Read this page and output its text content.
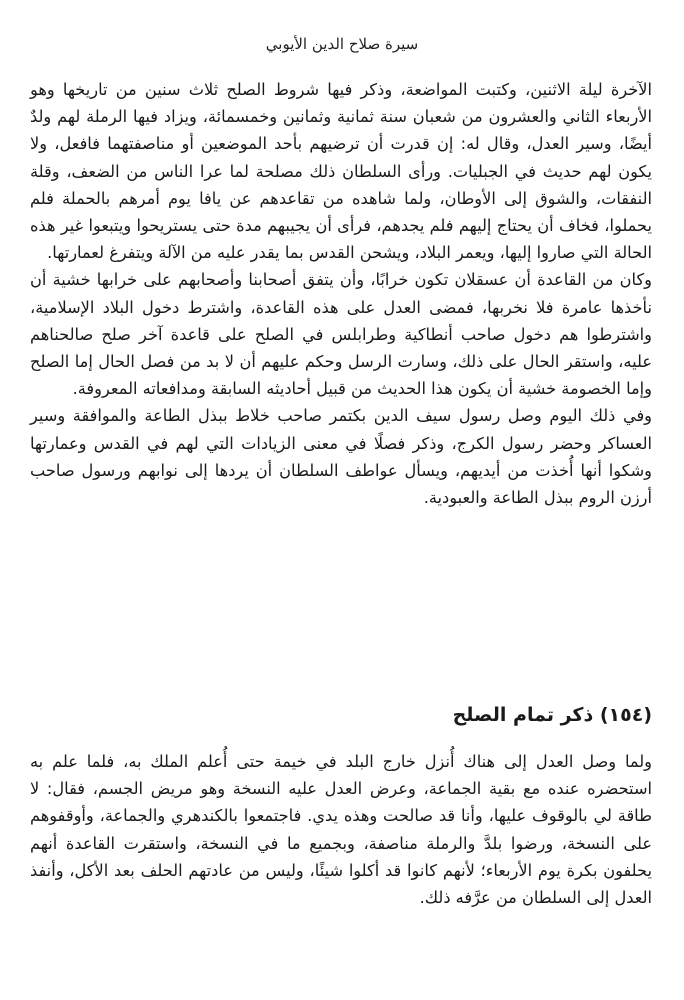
سيرة صلاح الدين الأيوبي

الآخرة ليلة الاثنين، وكتبت المواضعة، وذكر فيها شروط الصلح ثلاث سنين من تاريخها وهو الأربعاء الثاني والعشرون من شعبان سنة ثمانية وثمانين وخمسمائة، ويزاد فيها الرملة لهم ولدٌ أيضًا، وسير العدل، وقال له: إن قدرت أن ترضيهم بأحد الموضعين أو مناصفتهما فافعل، ولا يكون لهم حديث في الجبليات. ورأى السلطان ذلك مصلحة لما عرا الناس من الضعف، وقلة النفقات، والشوق إلى الأوطان، ولما شاهده من تقاعدهم عن يافا يوم أمرهم بالحملة فلم يحملوا، فخاف أن يحتاج إليهم فلم يجدهم، فرأى أن يجيبهم مدة حتى يستريحوا ويتبعوا غير هذه الحالة التي صاروا إليها، ويعمر البلاد، ويشحن القدس بما يقدر عليه من الآلة ويتفرغ لعمارتها.

وكان من القاعدة أن عسقلان تكون خرابًا، وأن يتفق أصحابنا وأصحابهم على خرابها خشية أن نأخذها عامرة فلا نخربها، فمضى العدل على هذه القاعدة، واشترط دخول البلاد الإسلامية، واشترطوا هم دخول صاحب أنطاكية وطرابلس في الصلح على قاعدة آخر صلح صالحناهم عليه، واستقر الحال على ذلك، وسارت الرسل وحكم عليهم أن لا بد من فصل الحال إما الصلح وإما الخصومة خشية أن يكون هذا الحديث من قبيل أحاديثه السابقة ومدافعاته المعروفة.

وفي ذلك اليوم وصل رسول سيف الدين بكتمر صاحب خلاط ببذل الطاعة والموافقة وسير العساكر وحضر رسول الكرج، وذكر فصلًا في معنى الزيادات التي لهم في القدس وعمارتها وشكوا أنها أُخذت من أيديهم، ويسأل عواطف السلطان أن يردها إلى نوابهم ورسول صاحب أرزن الروم ببذل الطاعة والعبودية.

(١٥٤) ذكر تمام الصلح

ولما وصل العدل إلى هناك أُنزل خارج البلد في خيمة حتى أُعلم الملك به، فلما علم به استحضره عنده مع بقية الجماعة، وعرض العدل عليه النسخة وهو مريض الجسم، فقال: لا طاقة لي بالوقوف عليها، وأنا قد صالحت وهذه يدي. فاجتمعوا بالكندهري والجماعة، وأوقفوهم على النسخة، ورضوا بلدَّ والرملة مناصفة، وبجميع ما في النسخة، واستقرت القاعدة أنهم يحلفون بكرة يوم الأربعاء؛ لأنهم كانوا قد أكلوا شيئًا، وليس من عادتهم الحلف بعد الأكل، وأنفذ العدل إلى السلطان من عرَّفه ذلك.
